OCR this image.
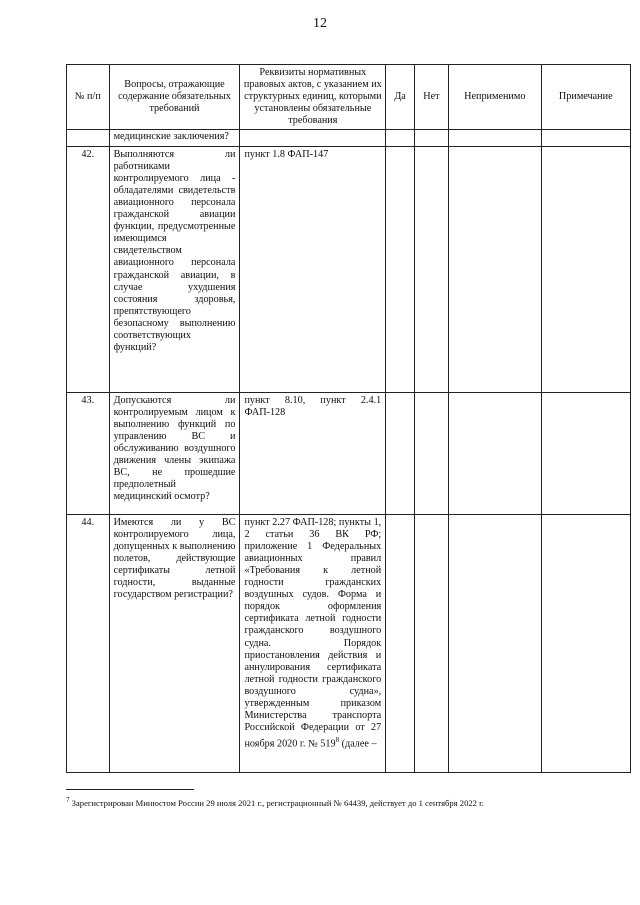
12
№ п/п	Вопросы, отражающие содержание обязательных требований	Реквизиты нормативных правовых актов, с указанием их структурных единиц, которыми установлены обязательные требования	Да	Нет	Неприменимо	Примечание
	медицинские заключения?					
42.	Выполняются ли работниками контролируемого лица - обладателями свидетельств авиационного персонала гражданской авиации функции, предусмотренные имеющимся свидетельством авиационного персонала гражданской авиации, в случае ухудшения состояния здоровья, препятствующего безопасному выполнению соответствующих функций?	пункт 1.8 ФАП-147				
43.	Допускаются ли контролируемым лицом к выполнению функций по управлению ВС и обслуживанию воздушного движения члены экипажа ВС, не прошедшие предполетный медицинский осмотр?	пункт 8.10, пункт 2.4.1 ФАП-128				
44.	Имеются ли у ВС контролируемого лица, допущенных к выполнению полетов, действующие сертификаты летной годности, выданные государством регистрации?	пункт 2.27 ФАП-128; пункты 1, 2 статьи 36 ВК РФ; приложение 1 Федеральных авиационных правил «Требования к летной годности гражданских воздушных судов. Форма и порядок оформления сертификата летной годности гражданского воздушного судна. Порядок приостановления действия и аннулирования сертификата летной годности гражданского воздушного судна», утвержденным приказом Министерства транспорта Российской Федерации от 27 ноября 2020 г. № $519^8$ (далее –				
$^7$ Зарегистрирован Минюстом России 29 июля 2021 г., регистрационный № 64439, действует до 1 сентября 2022 г.
